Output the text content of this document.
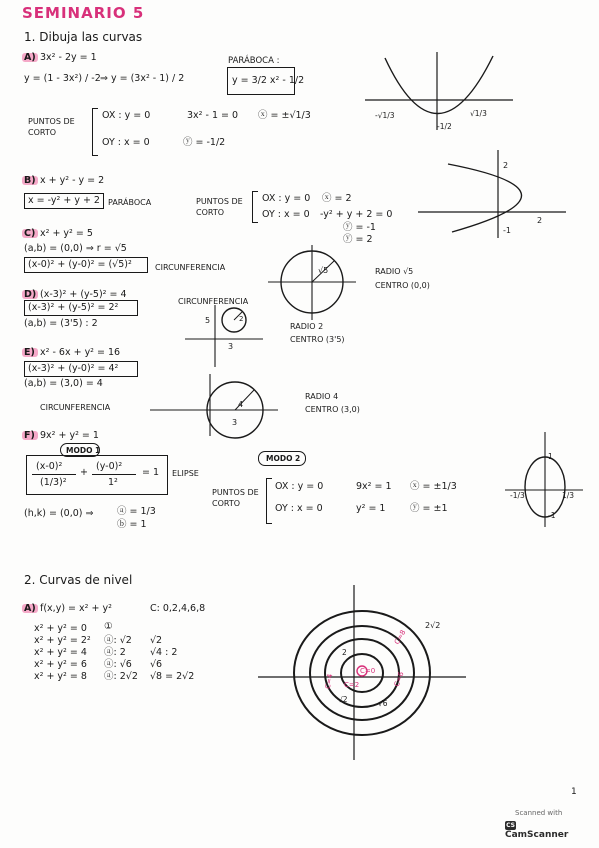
SEMINARIO 5
1. Dibuja las curvas
A) 3x² - 2y = 1
y = (1 - 3x²) / -2 ⇒ y = (3x² - 1) / 2
PARÁBOCA :
y = 3/2 x² - 1/2
PUNTOS DE CORTO
OX : y = 0	3x² - 1 = 0 ⓧ = ±√1/3
OY : x = 0	ⓨ = -1/2
-√1/3	√1/3
-1/2
B) x + y² - y = 2
x = -y² + y + 2 PARÁBOCA	PUNTOS DE CORTO
OX : y = 0 ⓧ = 2
OY : x = 0 -y² + y + 2 = 0
ⓨ = -1
ⓨ = 2
2
-1
2
C) x² + y² = 5
(a,b) = (0,0) ⇒ r = √5
(x-0)² + (y-0)² = (√5)²	CIRCUNFERENCIA	√5	RADIO √5
CENTRO (0,0)
D) (x-3)² + (y-5)² = 4
CIRCUNFERENCIA
(x-3)² + (y-5)² = 2²
(a,b) = (3'5) : 2	5
3
2
RADIO 2
CENTRO (3'5)
E) x² - 6x + y² = 16
(x-3)² + (y-0)² = 4²
(a,b) = (3,0) = 4
CIRCUNFERENCIA	4
3
RADIO 4
CENTRO (3,0)
F) 9x² + y² = 1
MODO 1
MODO 2
(x-0)²
(1/3)²
+
(y-0)²
1²
= 1 ELIPSE
(h,k) = (0,0) ⇒ ⓐ = 1/3
ⓑ = 1
PUNTOS DE CORTO
OX : y = 0	9x² = 1 ⓧ = ±1/3
OY : x = 0	y² = 1	ⓨ = ±1
1
-1
-1/3	1/3
2. Curvas de nivel
A) f(x,y) = x² + y²	C: 0,2,4,6,8
x² + y² = 0 ①
x² + y² = 2² ⓐ: √2 √2
x² + y² = 4 ⓐ: 2	√4 : 2
x² + y² = 6 ⓐ: √6 √6
x² + y² = 8 ⓐ: 2√2 √8 = 2√2	C=0
C=2
C=4	C=6
C=8
2
√2	√6
2√2
1
Scanned with
CSCamScanner
